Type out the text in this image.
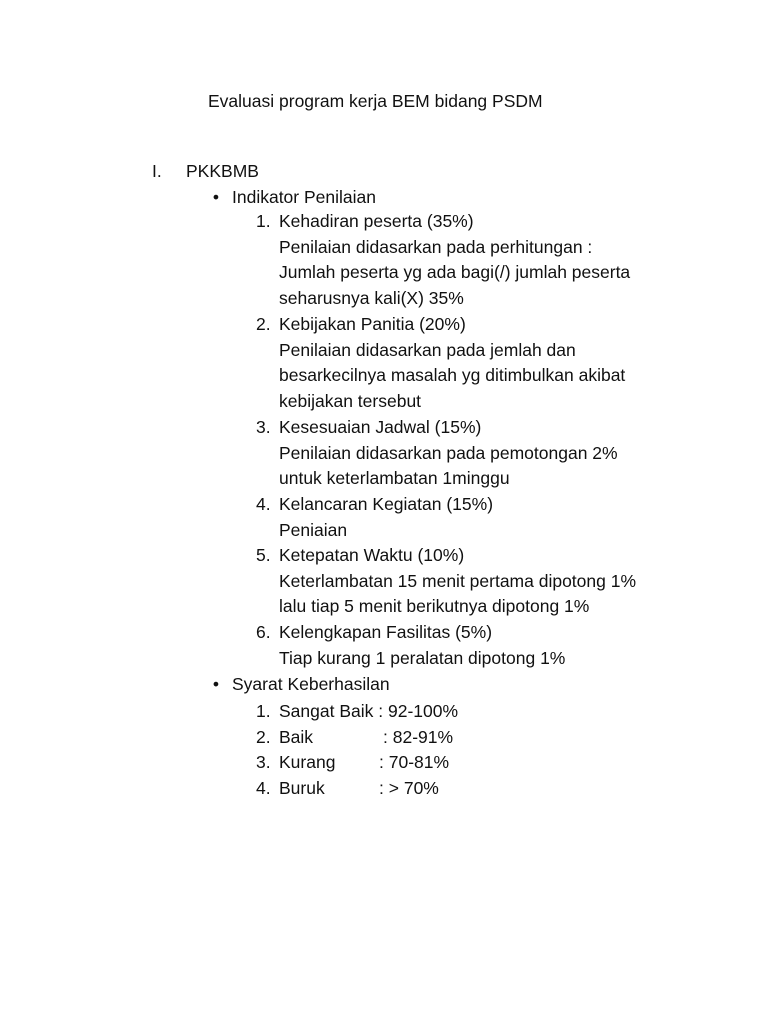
Evaluasi program kerja BEM bidang PSDM
I. PKKBMB
• Indikator Penilaian
1. Kehadiran peserta (35%)
Penilaian didasarkan pada perhitungan :
Jumlah peserta yg ada bagi(/) jumlah peserta
seharusnya kali(X) 35%
2. Kebijakan Panitia (20%)
Penilaian didasarkan pada jemlah dan
besarkecilnya masalah yg ditimbulkan akibat
kebijakan tersebut
3. Kesesuaian Jadwal (15%)
Penilaian didasarkan pada pemotongan 2%
untuk keterlambatan 1minggu
4. Kelancaran Kegiatan (15%)
Peniaian
5. Ketepatan Waktu (10%)
Keterlambatan 15 menit pertama dipotong 1%
lalu tiap 5 menit berikutnya dipotong 1%
6. Kelengkapan Fasilitas (5%)
Tiap kurang 1 peralatan dipotong 1%
• Syarat Keberhasilan
1. Sangat Baik : 92-100%
2. Baik	: 82-91%
3. Kurang : 70-81%
4. Buruk	: > 70%
